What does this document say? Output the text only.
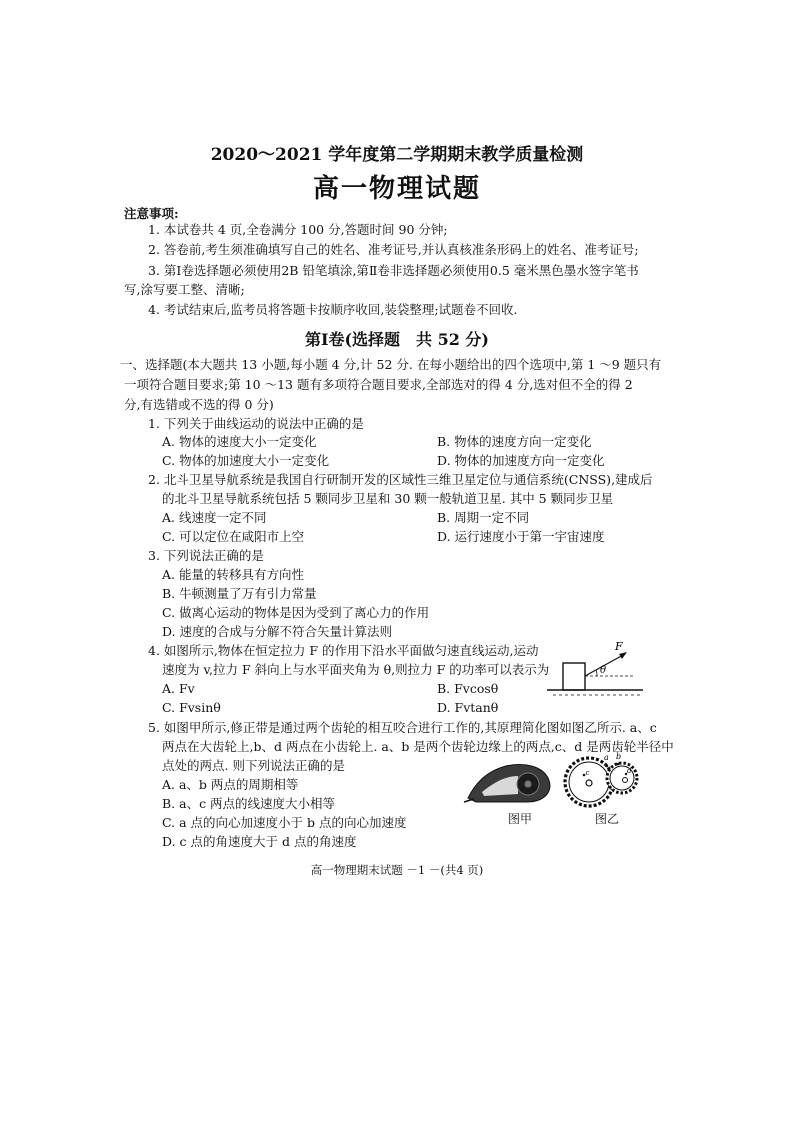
2020～2021 学年度第二学期期末教学质量检测
高一物理试题
注意事项:
1. 本试卷共 4 页,全卷满分 100 分,答题时间 90 分钟;
2. 答卷前,考生须准确填写自己的姓名、准考证号,并认真核准条形码上的姓名、准考证号;
3. 第Ⅰ卷选择题必须使用2B 铅笔填涂,第Ⅱ卷非选择题必须使用0.5 毫米黑色墨水签字笔书
写,涂写要工整、清晰;
4. 考试结束后,监考员将答题卡按顺序收回,装袋整理;试题卷不回收.
第Ⅰ卷(选择题　共 52 分)
一、选择题(本大题共 13 小题,每小题 4 分,计 52 分. 在每小题给出的四个选项中,第 1 ～9 题只有
一项符合题目要求;第 10 ～13 题有多项符合题目要求,全部选对的得 4 分,选对但不全的得 2
分,有选错或不选的得 0 分)
1. 下列关于曲线运动的说法中正确的是
A. 物体的速度大小一定变化	B. 物体的速度方向一定变化
C. 物体的加速度大小一定变化	D. 物体的加速度方向一定变化
2. 北斗卫星导航系统是我国自行研制开发的区域性三维卫星定位与通信系统(CNSS),建成后
的北斗卫星导航系统包括 5 颗同步卫星和 30 颗一般轨道卫星. 其中 5 颗同步卫星
A. 线速度一定不同	B. 周期一定不同
C. 可以定位在咸阳市上空	D. 运行速度小于第一宇宙速度
3. 下列说法正确的是
A. 能量的转移具有方向性
B. 牛顿测量了万有引力常量
C. 做离心运动的物体是因为受到了离心力的作用
D. 速度的合成与分解不符合矢量计算法则
4. 如图所示,物体在恒定拉力 F 的作用下沿水平面做匀速直线运动,运动
速度为 v,拉力 F 斜向上与水平面夹角为 θ,则拉力 F 的功率可以表示为
A. Fv	B. Fvcosθ
C. Fvsinθ	D. Fvtanθ
F
θ
5. 如图甲所示,修正带是通过两个齿轮的相互咬合进行工作的,其原理简化图如图乙所示. a、c
两点在大齿轮上,b、d 两点在小齿轮上. a、b 是两个齿轮边缘上的两点,c、d 是两齿轮半径中
点处的两点. 则下列说法正确的是
A. a、b 两点的周期相等
B. a、c 两点的线速度大小相等
C. a 点的向心加速度小于 b 点的向心加速度
D. c 点的角速度大于 d 点的角速度
图甲
c
a b
d
图乙
高一物理期末试题 －1 －(共4 页)
